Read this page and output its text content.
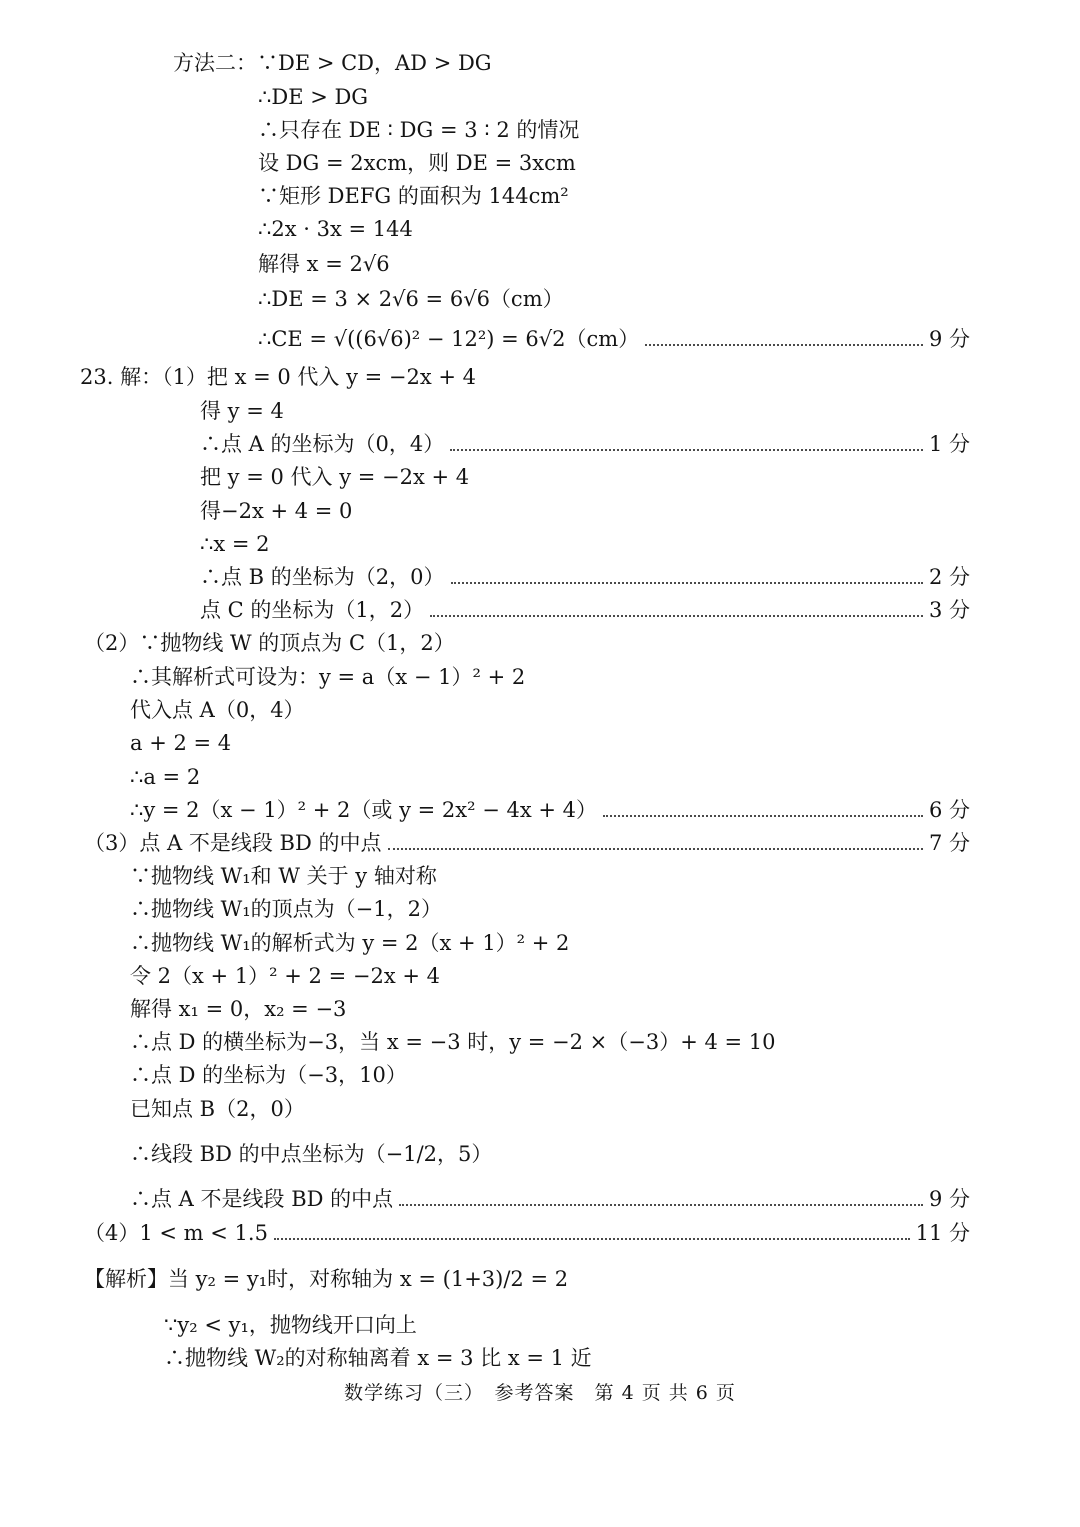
方法二：∵DE > CD，AD > DG
∴DE > DG
∴只存在 DE ∶ DG = 3 ∶ 2 的情况
设 DG = 2xcm，则 DE = 3xcm
∵矩形 DEFG 的面积为 144cm²
∴2x · 3x = 144
解得 x = 2√6
∴DE = 3 × 2√6 = 6√6（cm）
∴CE = √((6√6)² − 12²) = 6√2（cm）	9 分
23. 解：（1）把 x = 0 代入 y = −2x + 4
得 y = 4
∴点 A 的坐标为（0，4）	1 分
把 y = 0 代入 y = −2x + 4
得−2x + 4 = 0
∴x = 2
∴点 B 的坐标为（2，0）	2 分
点 C 的坐标为（1，2）	3 分
（2）∵抛物线 W 的顶点为 C（1，2）
∴其解析式可设为：y = a（x − 1）² + 2
代入点 A（0，4）
a + 2 = 4
∴a = 2
∴y = 2（x − 1）² + 2（或 y = 2x² − 4x + 4）	6 分
（3）点 A 不是线段 BD 的中点	7 分
∵抛物线 W₁和 W 关于 y 轴对称
∴抛物线 W₁的顶点为（−1，2）
∴抛物线 W₁的解析式为 y = 2（x + 1）² + 2
令 2（x + 1）² + 2 = −2x + 4
解得 x₁ = 0，x₂ = −3
∴点 D 的横坐标为−3，当 x = −3 时，y = −2 ×（−3）+ 4 = 10
∴点 D 的坐标为（−3，10）
已知点 B（2，0）
∴线段 BD 的中点坐标为（−1/2，5）
∴点 A 不是线段 BD 的中点	9 分
（4）1 < m < 1.5	11 分
【解析】当 y₂ = y₁时，对称轴为 x = (1+3)/2 = 2
∵y₂ < y₁，抛物线开口向上
∴抛物线 W₂的对称轴离着 x = 3 比 x = 1 近
数学练习（三）　参考答案　第 4 页 共 6 页
